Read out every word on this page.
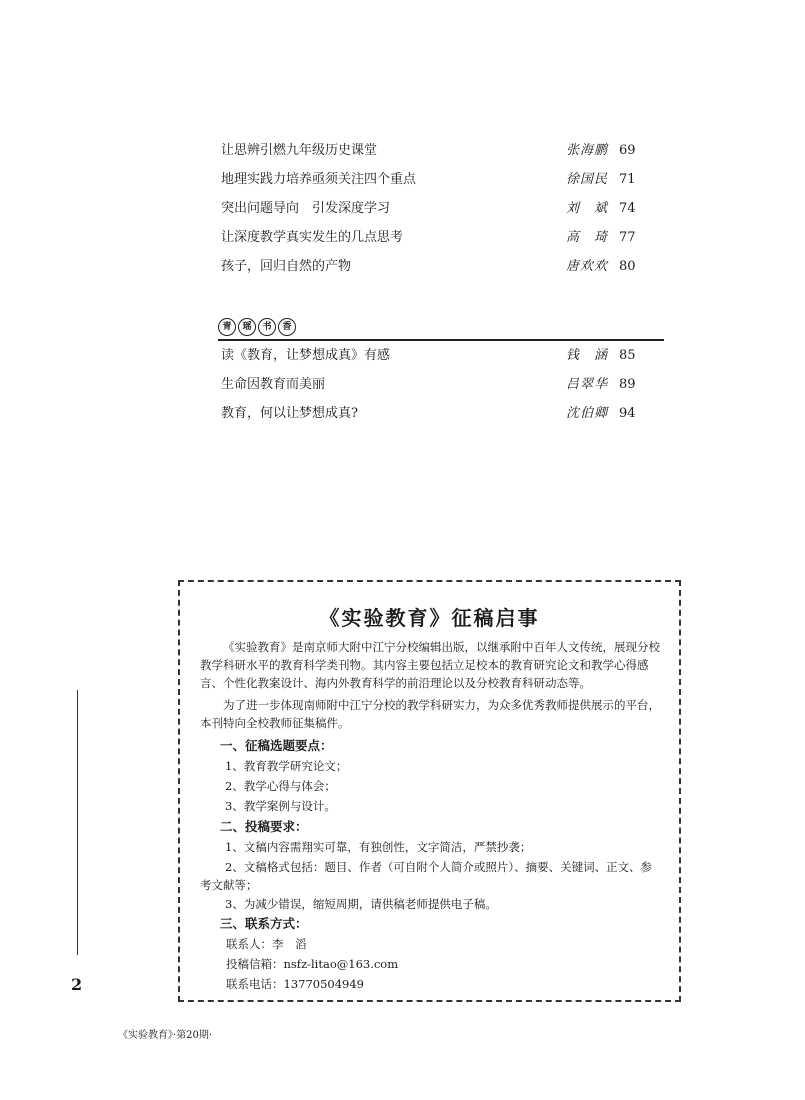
让思辨引燃九年级历史课堂	张海鹏 69
地理实践力培养亟须关注四个重点	徐国民 71
突出问题导向　引发深度学习	刘　斌 74
让深度教学真实发生的几点思考	高　琦 77
孩子，回归自然的产物	唐欢欢 80
青	瑶	书	香
读《教育，让梦想成真》有感	钱　涵 85
生命因教育而美丽	吕翠华 89
教育，何以让梦想成真?	沈伯卿 94
《实验教育》征稿启事
《实验教育》是南京师大附中江宁分校编辑出版，以继承附中百年人文传统，展现分校教学科研水平的教育科学类刊物。其内容主要包括立足校本的教育研究论文和教学心得感言、个性化教案设计、海内外教育科学的前沿理论以及分校教育科研动态等。
为了进一步体现南师附中江宁分校的教学科研实力，为众多优秀教师提供展示的平台，本刊特向全校教师征集稿件。
一、征稿选题要点：
1、教育教学研究论文；
2、教学心得与体会；
3、教学案例与设计。
二、投稿要求：
1、文稿内容需翔实可靠，有独创性，文字简洁，严禁抄袭；
2、文稿格式包括：题目、作者（可自附个人简介或照片）、摘要、关键词、正文、参考文献等；
3、为减少错误，缩短周期，请供稿老师提供电子稿。
三、联系方式：
联系人：李　滔
投稿信箱：nsfz-litao@163.com
联系电话：13770504949
2
《实验教育》·第20期·
